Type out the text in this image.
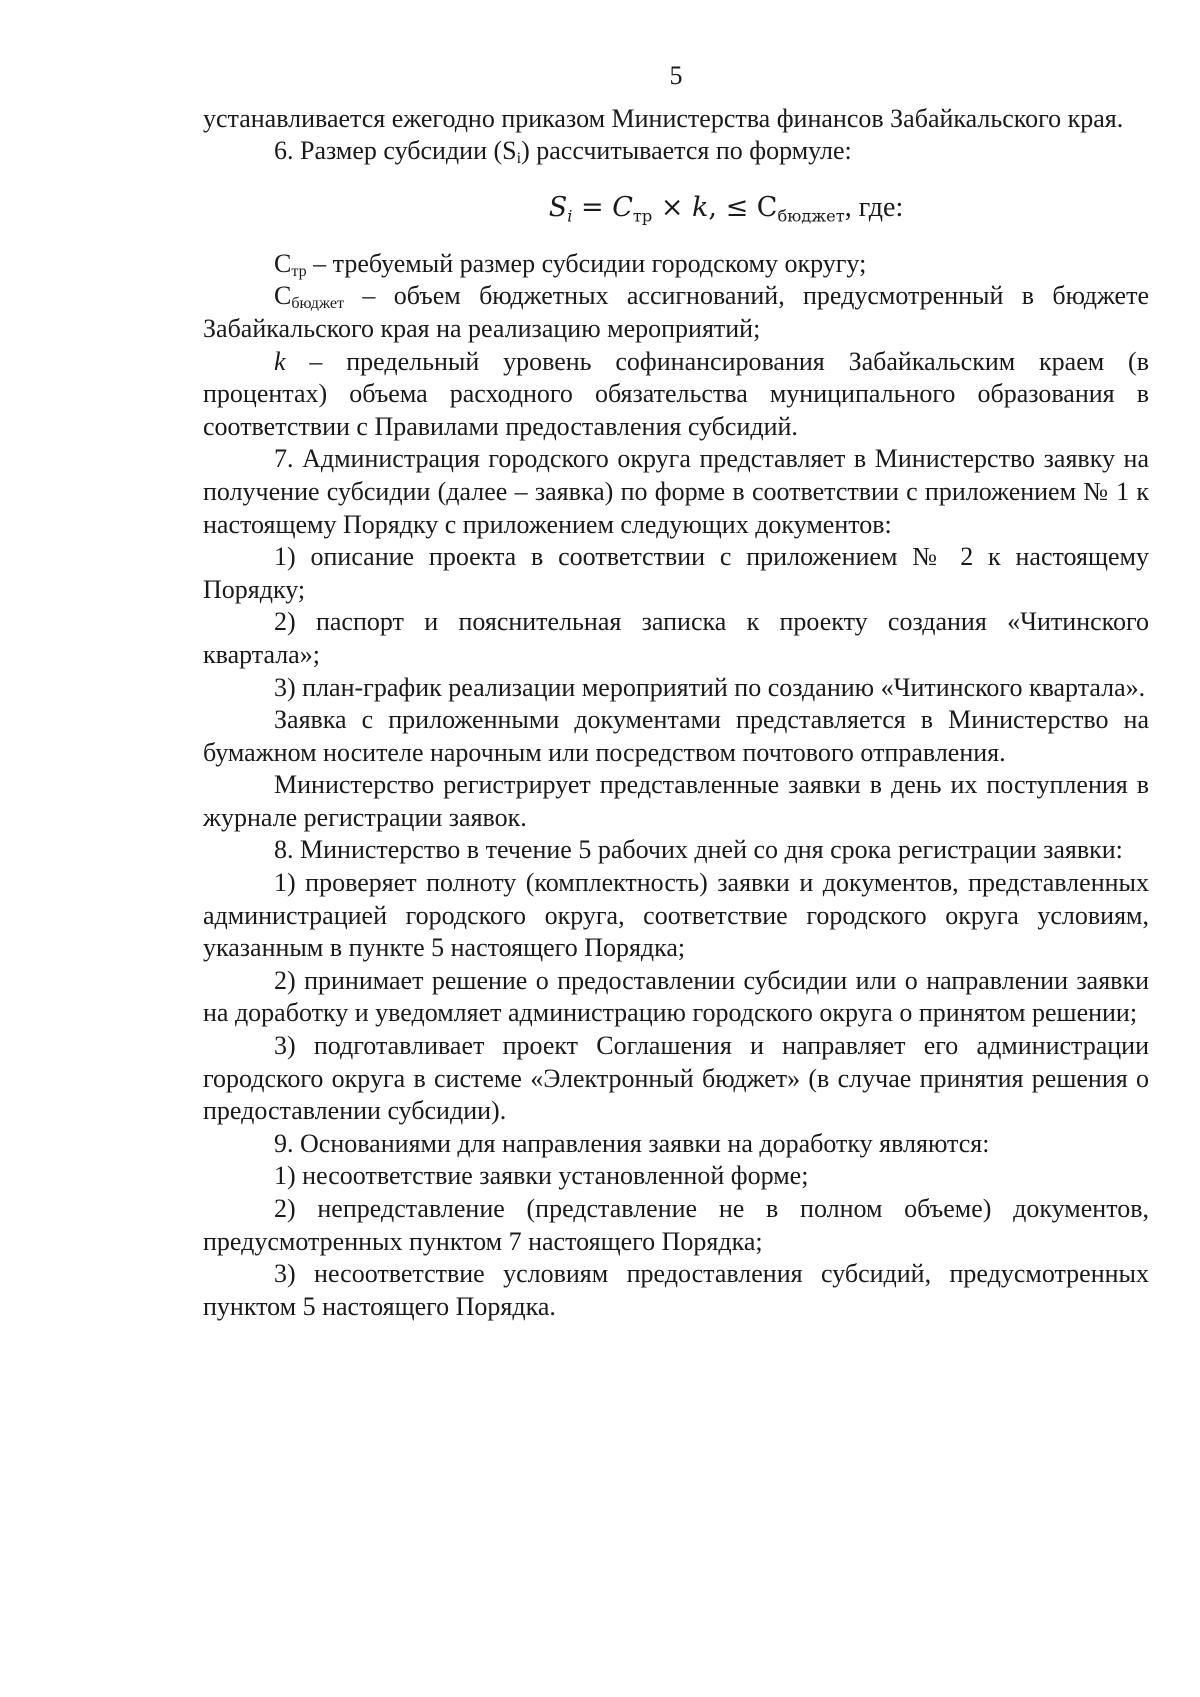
5

устанавливается ежегодно приказом Министерства финансов Забайкальского края.

6. Размер субсидии $(S_i)$ рассчитывается по формуле:

$S_i = C_{тр} \times k$, ≤ $C_{бюджет}$, где:

$С_{тр}$ – требуемый размер субсидии городскому округу;

$С_{бюджет}$ – объем бюджетных ассигнований, предусмотренный в бюджете Забайкальского края на реализацию мероприятий;

k – предельный уровень софинансирования Забайкальским краем (в процентах) объема расходного обязательства муниципального образования в соответствии с Правилами предоставления субсидий.

7. Администрация городского округа представляет в Министерство заявку на получение субсидии (далее – заявка) по форме в соответствии с приложением № 1 к настоящему Порядку с приложением следующих документов:

1) описание проекта в соответствии с приложением № 2 к настоящему Порядку;

2) паспорт и пояснительная записка к проекту создания «Читинского квартала»;

3) план-график реализации мероприятий по созданию «Читинского квартала».

Заявка с приложенными документами представляется в Министерство на бумажном носителе нарочным или посредством почтового отправления.

Министерство регистрирует представленные заявки в день их поступления в журнале регистрации заявок.

8. Министерство в течение 5 рабочих дней со дня срока регистрации заявки:

1) проверяет полноту (комплектность) заявки и документов, представленных администрацией городского округа, соответствие городского округа условиям, указанным в пункте 5 настоящего Порядка;

2) принимает решение о предоставлении субсидии или о направлении заявки на доработку и уведомляет администрацию городского округа о принятом решении;

3) подготавливает проект Соглашения и направляет его администрации городского округа в системе «Электронный бюджет» (в случае принятия решения о предоставлении субсидии).

9. Основаниями для направления заявки на доработку являются:

1) несоответствие заявки установленной форме;

2) непредставление (представление не в полном объеме) документов, предусмотренных пунктом 7 настоящего Порядка;

3) несоответствие условиям предоставления субсидий, предусмотренных пунктом 5 настоящего Порядка.
